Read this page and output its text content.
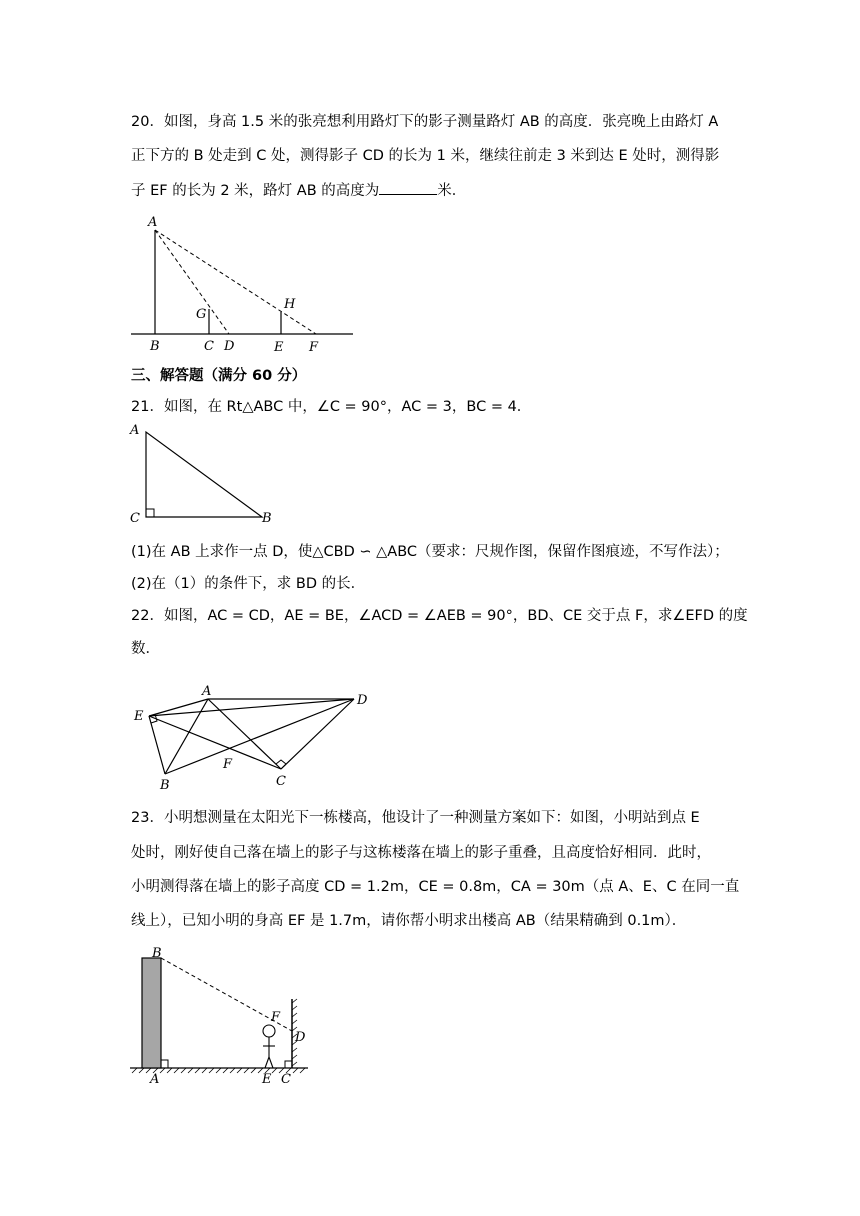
20．如图，身高 1.5 米的张亮想利用路灯下的影子测量路灯 AB 的高度．张亮晚上由路灯 A
正下方的 B 处走到 C 处，测得影子 CD 的长为 1 米，继续往前走 3 米到达 E 处时，测得影
子 EF 的长为 2 米，路灯 AB 的高度为	米．
A
B
G
C D
H
E F
三、解答题（满分 60 分）
21．如图，在 Rt△ABC 中，∠C = 90°，AC = 3，BC = 4．
A
C	B
(1)在 AB 上求作一点 D，使△CBD ∽ △ABC（要求：尺规作图，保留作图痕迹，不写作法）；
(2)在（1）的条件下，求 BD 的长．
22．如图，AC = CD，AE = BE，∠ACD = ∠AEB = 90°，BD、CE 交于点 F，求∠EFD 的度
数．
A
D
E
B
F
C
23．小明想测量在太阳光下一栋楼高，他设计了一种测量方案如下：如图，小明站到点 E
处时，刚好使自己落在墙上的影子与这栋楼落在墙上的影子重叠，且高度恰好相同．此时，
小明测得落在墙上的影子高度 CD = 1.2m，CE = 0.8m，CA = 30m（点 A、E、C 在同一直
线上），已知小明的身高 EF 是 1.7m，请你帮小明求出楼高 AB（结果精确到 0.1m）．
B
F
D
A	E C
